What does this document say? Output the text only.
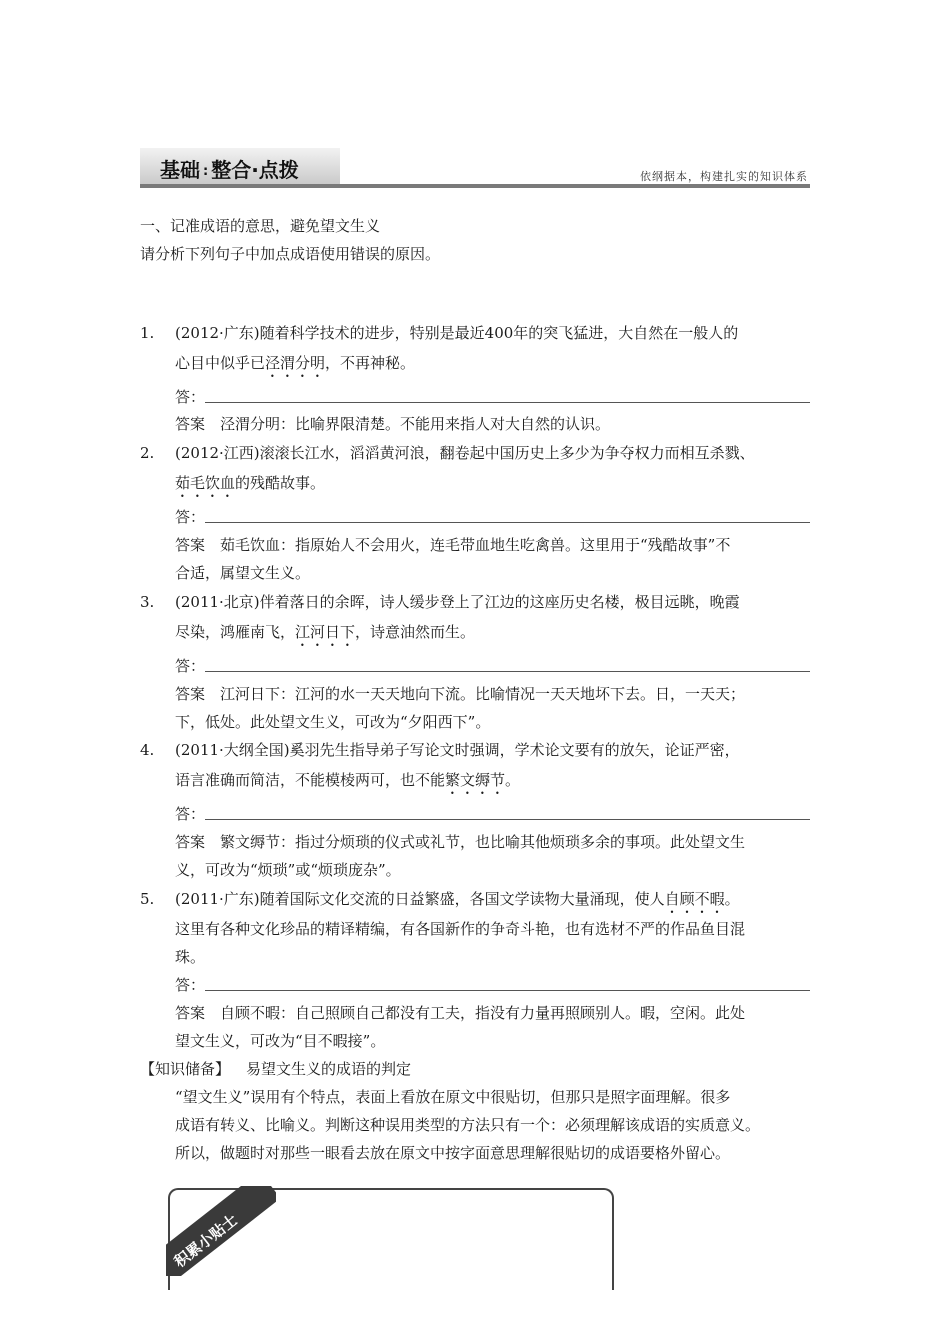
基础 : 整合·点拨	依纲据本，构建扎实的知识体系
一、记准成语的意思，避免望文生义
请分析下列句子中加点成语使用错误的原因。
1. (2012·广东)随着科学技术的进步，特别是最近400年的突飞猛进，大自然在一般人的
心目中似乎已泾渭分明，不再神秘。
答：
答案　泾渭分明：比喻界限清楚。不能用来指人对大自然的认识。
2. (2012·江西)滚滚长江水，滔滔黄河浪，翻卷起中国历史上多少为争夺权力而相互杀戮、
茹毛饮血的残酷故事。
答：
答案　茹毛饮血：指原始人不会用火，连毛带血地生吃禽兽。这里用于“残酷故事”不
合适，属望文生义。
3. (2011·北京)伴着落日的余晖，诗人缓步登上了江边的这座历史名楼，极目远眺，晚霞
尽染，鸿雁南飞，江河日下，诗意油然而生。
答：
答案　江河日下：江河的水一天天地向下流。比喻情况一天天地坏下去。日，一天天；
下，低处。此处望文生义，可改为“夕阳西下”。
4. (2011·大纲全国)奚羽先生指导弟子写论文时强调，学术论文要有的放矢，论证严密，
语言准确而简洁，不能模棱两可，也不能繁文缛节。
答：
答案　繁文缛节：指过分烦琐的仪式或礼节，也比喻其他烦琐多余的事项。此处望文生
义，可改为“烦琐”或“烦琐庞杂”。
5. (2011·广东)随着国际文化交流的日益繁盛，各国文学读物大量涌现，使人自顾不暇。
这里有各种文化珍品的精译精编，有各国新作的争奇斗艳，也有选材不严的作品鱼目混
珠。
答：
答案　自顾不暇：自己照顾自己都没有工夫，指没有力量再照顾别人。暇，空闲。此处
望文生义，可改为“目不暇接”。
【知识储备】 易望文生义的成语的判定
“望文生义”误用有个特点，表面上看放在原文中很贴切，但那只是照字面理解。很多
成语有转义、比喻义。判断这种误用类型的方法只有一个：必须理解该成语的实质意义。
所以，做题时对那些一眼看去放在原文中按字面意思理解很贴切的成语要格外留心。
积累小贴士
